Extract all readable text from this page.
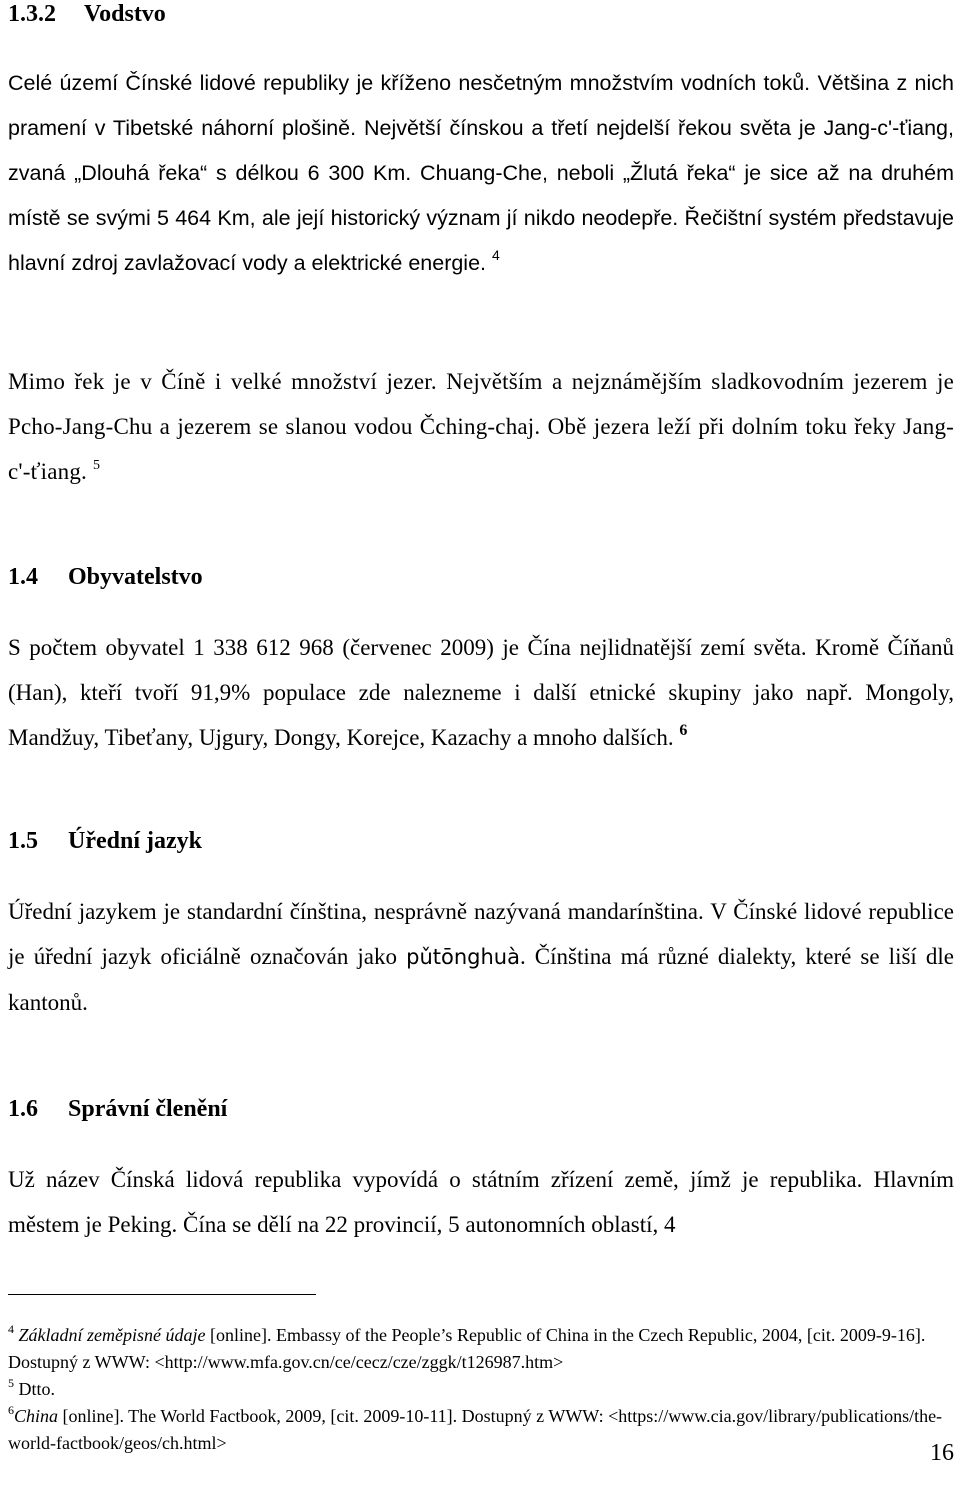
1.3.2 Vodstvo

Celé území Čínské lidové republiky je kříženo nesčetným množstvím vodních toků. Většina z nich pramení v Tibetské náhorní plošině. Největší čínskou a třetí nejdelší řekou světa je Jang-c'-ťiang, zvaná „Dlouhá řeka“ s délkou 6 300 Km. Chuang-Che, neboli „Žlutá řeka“ je sice až na druhém místě se svými 5 464 Km, ale její historický význam jí nikdo neodepře. Řečištní systém představuje hlavní zdroj zavlažovací vody a elektrické energie. $^4$

Mimo řek je v Číně i velké množství jezer. Největším a nejznámějším sladkovodním jezerem je Pcho-Jang-Chu a jezerem se slanou vodou Čching-chaj. Obě jezera leží při dolním toku řeky Jang-c'-ťiang. $^5$

1.4 Obyvatelstvo

S počtem obyvatel 1 338 612 968 (červenec 2009) je Čína nejlidnatější zemí světa. Kromě Číňanů (Han), kteří tvoří 91,9% populace zde nalezneme i další etnické skupiny jako např. Mongoly, Mandžuy, Tibeťany, Ujgury, Dongy, Korejce, Kazachy a mnoho dalších. $^6$

1.5 Úřední jazyk

Úřední jazykem je standardní čínština, nesprávně nazývaná mandarínština. V Čínské lidové republice je úřední jazyk oficiálně označován jako pǔtōnghuà. Čínština má různé dialekty, které se liší dle kantonů.

1.6 Správní členění

Už název Čínská lidová republika vypovídá o státním zřízení země, jímž je republika. Hlavním městem je Peking. Čína se dělí na 22 provincií, 5 autonomních oblastí, 4

$^4$ Základní zeměpisné údaje [online]. Embassy of the People’s Republic of China in the Czech Republic, 2004, [cit. 2009-9-16]. Dostupný z WWW: <http://www.mfa.gov.cn/ce/cecz/cze/zggk/t126987.htm>

$^5$ Dtto.

$^6$China [online]. The World Factbook, 2009, [cit. 2009-10-11]. Dostupný z WWW: <https://www.cia.gov/library/publications/the-world-factbook/geos/ch.html>	16
